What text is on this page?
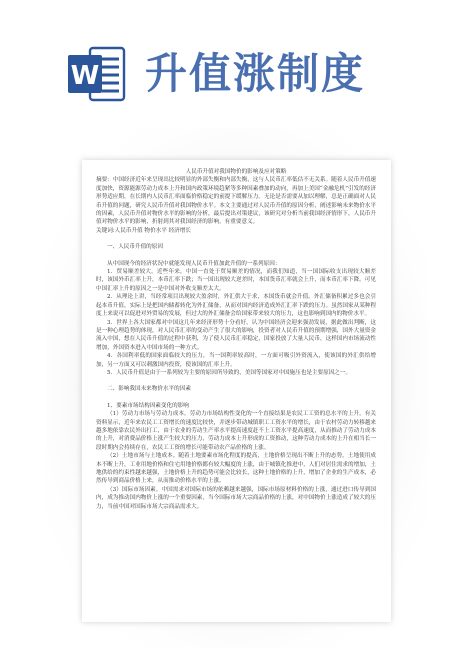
W 升值涨制度

人民币升值对我国物价的影响及应对策略

摘要：中国经济近年来呈现出比较明显的外部失衡和内部失衡，这与人民币汇率低估不无关系。随着人民币升值速度加快，资源能源劳动力成本上升和国内政策环境趋紧等多种因素叠加的动向，再加上美国“金融危机”引发的经济形势适应期，在长期内人民币汇率面临价格稳定的前提下缓解压力。无论是否需要从加以理解，总是正确面对人民币升值的问题，研究人民币升值对我国物价水平。本文主要通过对人民币升值的原因分析，阐述影响未来物价水平的因素，人民币升值对物价水平的影响的分析，最后提出对策建议，该研究对分析当前我国经济情形下，人民币升值对物价水平的影响，折射到其对我国经济的影响，有重要意义。

关键词:人民币升值 物价水平 经济增长

一、人民币升值的原因

从中国现今的经济状况中就能发现人民币升值加此升值的一系列原因：

1．贸易顺差较大。近些年来，中国一直处于贸易顺差的情况，而我们知道，当一国国际收支出现较大顺差时，该国外币汇率上升，本币汇率下跌；当一国出现较大逆差时，本国货币汇率就会上升，而本币汇率下降。可见中国汇率上升的原因之一是中国对外收支顺差太大。

2．从理论上讲，当经常项目出现较大盈余时，外汇供大于求，本国货币就会升值。外汇储备积累过多也会引起本币升值，实际上是把国内储蓄转化为外汇储备，从而对国内经济造成外汇汇率下跌的压力。虽然国家从某种程度上来说可以促进对外贸易的发展，但过大的外汇储备会给国家带来较大的压力，这也影响到国内的物价水平。

3．世界上各大国家都对中国这几年来经济形势十分看好，认为中国经济会迎来强劲发展，据此做出判断，这是一种心理趋势的体现，对人民币汇率的变动产生了很大的影响，投资者对人民币升值的预期增强，国外大量资金流入中国，想在人民币升值的过程中获利，为了使人民币汇率稳定，国家投放了大量人民币，这样国内市场流动性增加，外国资本进入中国市场的一种方式。

4．各国利率低的国家面临较大的压力，当一国利率较高时，一方面可吸引外资流入，使该国的外汇供给增加，另一方面又可以刺激国内投资，使该国的汇率上升。

5．人民币升值是由于一系列较为主要的原因所导致的，美国等国家对中国施压也是主要原因之一。

二、影响我国未来物价水平的因素

1、要素市场结构因素变化的影响

（1）劳动力市场与劳动力成本。劳动力市场结构性变化的一个直接结果是农民工工资的总水平的上升，有关资料显示，近年来农民工工资增长的速度比较快，并逐步带动城镇职工工资水平的增长，由于农村劳动力转移越来越多地依靠农民外出打工，由于农业的劳动生产率水平提高速度赶不上工资水平提高速度，从而推动了劳动力成本的上升，对消费品价格上涨产生较大的压力，劳动力成本上升形成的工资推动，这种劳动力成本的上升在相当长一段时期内会持续存在，农民工工资的增长可能带动农产品价格的上涨。

（2）土地市场与土地成本。随着土地要素市场化程度的提高，土地价格呈现出不断上升的态势，土地使用成本不断上升，工业用地价格和住宅用地价格都有较大幅度的上涨，由于城镇化推进中，人们对居住需求的增加，土地供给的约束性越来越强，土地价格上升的趋势可能会比较长，这种土地价格的上升，增加了企业的生产成本，必然传导到商品价格上来，从而推动价格水平的上涨。

（3）国际市场因素。中国需求对国际市场的依赖越来越强，国际市场原材料价格的上涨，通过进口传导到国内，成为推动国内物价上涨的一个重要因素，当今国际市场大宗商品价格的上涨，对中国物价上涨造成了较大的压力，当前中国对国际市场大宗商品需求大。
